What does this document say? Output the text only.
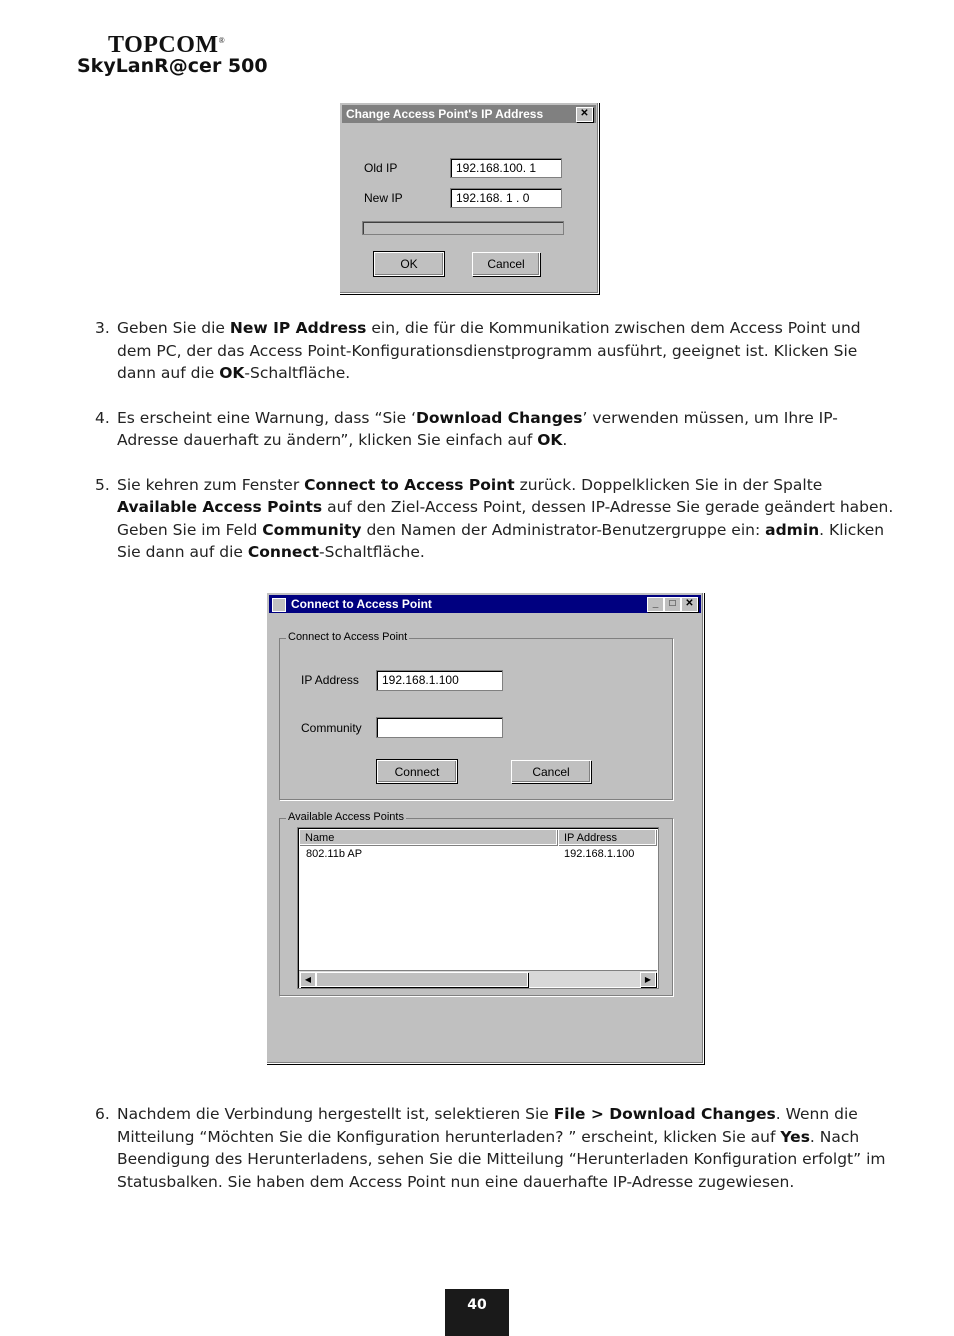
TOPCOM®
SkyLanR@cer 500
Change Access Point's IP Address	✕
Old IP	192.168.100. 1
New IP	192.168. 1 . 0
OK	Cancel
3. Geben Sie die New IP Address ein, die für die Kommunikation zwischen dem Access Point und dem PC, der das Access Point-Konfigurationsdienstprogramm ausführt, geeignet ist. Klicken Sie dann auf die OK-Schaltfläche.
4. Es erscheint eine Warnung, dass “Sie ‘Download Changes’ verwenden müssen, um Ihre IP-Adresse dauerhaft zu ändern”, klicken Sie einfach auf OK.
5. Sie kehren zum Fenster Connect to Access Point zurück. Doppelklicken Sie in der Spalte Available Access Points auf den Ziel-Access Point, dessen IP-Adresse Sie gerade geändert haben. Geben Sie im Feld Community den Namen der Administrator-Benutzergruppe ein: admin. Klicken Sie dann auf die Connect-Schaltfläche.
Connect to Access Point	_	□ ✕
Connect to Access Point
IP Address	192.168.1.100
Community
Connect	Cancel
Available Access Points
Name	IP Address
802.11b AP	192.168.1.100
◀	▶
6. Nachdem die Verbindung hergestellt ist, selektieren Sie File > Download Changes. Wenn die Mitteilung “Möchten Sie die Konfiguration herunterladen? ” erscheint, klicken Sie auf Yes. Nach Beendigung des Herunterladens, sehen Sie die Mitteilung “Herunterladen Konfiguration erfolgt” im Statusbalken. Sie haben dem Access Point nun eine dauerhafte IP-Adresse zugewiesen.
40
